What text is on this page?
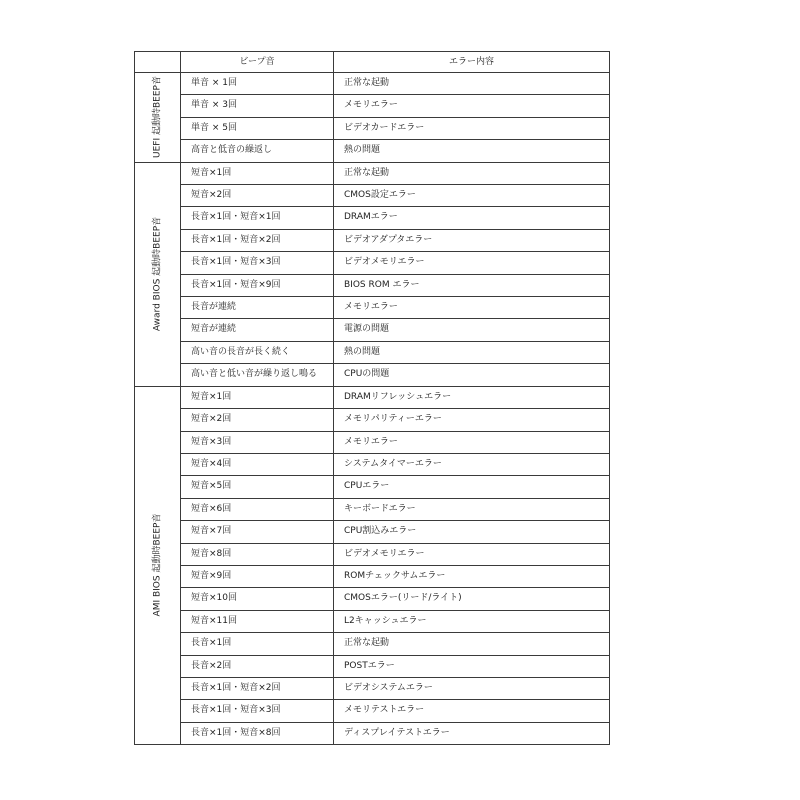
	ビープ音	エラー内容

UEFI 起動時BEEP音	単音 × 1回	正常な起動
	単音 × 3回	メモリエラー
	単音 × 5回	ビデオカードエラー
	高音と低音の繰返し	熱の問題

Award BIOS 起動時BEEP音	短音×1回	正常な起動
	短音×2回	CMOS設定エラー
	長音×1回・短音×1回	DRAMエラー
	長音×1回・短音×2回	ビデオアダプタエラー
	長音×1回・短音×3回	ビデオメモリエラー
	長音×1回・短音×9回	BIOS ROM エラー
	長音が連続	メモリエラー
	短音が連続	電源の問題
	高い音の長音が長く続く	熱の問題
	高い音と低い音が繰り返し鳴る	CPUの問題

AMI BIOS 起動時BEEP音	短音×1回	DRAMリフレッシュエラー
	短音×2回	メモリパリティーエラー
	短音×3回	メモリエラー
	短音×4回	システムタイマーエラー
	短音×5回	CPUエラー
	短音×6回	キーボードエラー
	短音×7回	CPU割込みエラー
	短音×8回	ビデオメモリエラー
	短音×9回	ROMチェックサムエラー
	短音×10回	CMOSエラー(リード/ライト)
	短音×11回	L2キャッシュエラー
	長音×1回	正常な起動
	長音×2回	POSTエラー
	長音×1回・短音×2回	ビデオシステムエラー
	長音×1回・短音×3回	メモリテストエラー
	長音×1回・短音×8回	ディスプレイテストエラー
